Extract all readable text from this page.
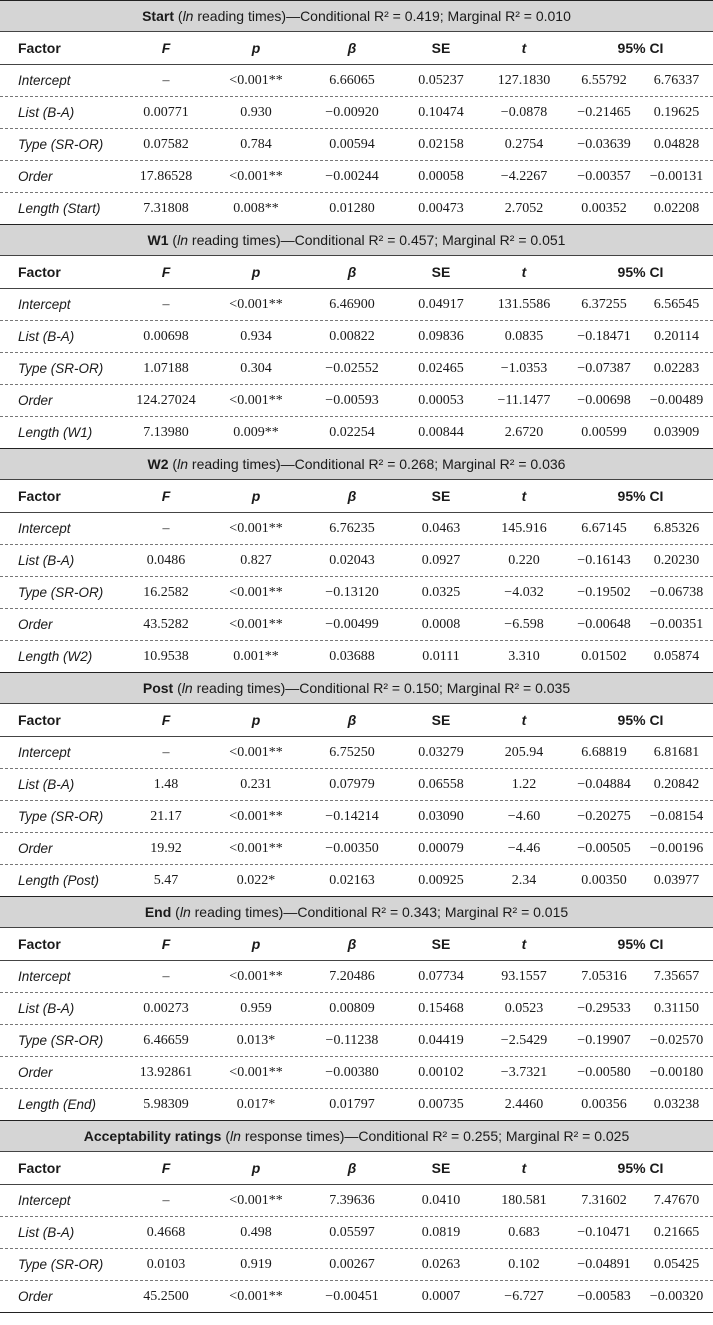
Start (ln reading times)—Conditional R² = 0.419; Marginal R² = 0.010
Factor	F	p	β	SE	t	95% CI
Intercept	–	<0.001**	6.66065	0.05237	127.1830	6.55792	6.76337
List (B-A)	0.00771	0.930	−0.00920	0.10474	−0.0878	−0.21465	0.19625
Type (SR-OR)	0.07582	0.784	0.00594	0.02158	0.2754	−0.03639	0.04828
Order	17.86528	<0.001**	−0.00244	0.00058	−4.2267	−0.00357	−0.00131
Length (Start)	7.31808	0.008**	0.01280	0.00473	2.7052	0.00352	0.02208
W1 (ln reading times)—Conditional R² = 0.457; Marginal R² = 0.051
Factor	F	p	β	SE	t	95% CI
Intercept	–	<0.001**	6.46900	0.04917	131.5586	6.37255	6.56545
List (B-A)	0.00698	0.934	0.00822	0.09836	0.0835	−0.18471	0.20114
Type (SR-OR)	1.07188	0.304	−0.02552	0.02465	−1.0353	−0.07387	0.02283
Order	124.27024	<0.001**	−0.00593	0.00053	−11.1477	−0.00698	−0.00489
Length (W1)	7.13980	0.009**	0.02254	0.00844	2.6720	0.00599	0.03909
W2 (ln reading times)—Conditional R² = 0.268; Marginal R² = 0.036
Factor	F	p	β	SE	t	95% CI
Intercept	–	<0.001**	6.76235	0.0463	145.916	6.67145	6.85326
List (B-A)	0.0486	0.827	0.02043	0.0927	0.220	−0.16143	0.20230
Type (SR-OR)	16.2582	<0.001**	−0.13120	0.0325	−4.032	−0.19502	−0.06738
Order	43.5282	<0.001**	−0.00499	0.0008	−6.598	−0.00648	−0.00351
Length (W2)	10.9538	0.001**	0.03688	0.0111	3.310	0.01502	0.05874
Post (ln reading times)—Conditional R² = 0.150; Marginal R² = 0.035
Factor	F	p	β	SE	t	95% CI
Intercept	–	<0.001**	6.75250	0.03279	205.94	6.68819	6.81681
List (B-A)	1.48	0.231	0.07979	0.06558	1.22	−0.04884	0.20842
Type (SR-OR)	21.17	<0.001**	−0.14214	0.03090	−4.60	−0.20275	−0.08154
Order	19.92	<0.001**	−0.00350	0.00079	−4.46	−0.00505	−0.00196
Length (Post)	5.47	0.022*	0.02163	0.00925	2.34	0.00350	0.03977
End (ln reading times)—Conditional R² = 0.343; Marginal R² = 0.015
Factor	F	p	β	SE	t	95% CI
Intercept	–	<0.001**	7.20486	0.07734	93.1557	7.05316	7.35657
List (B-A)	0.00273	0.959	0.00809	0.15468	0.0523	−0.29533	0.31150
Type (SR-OR)	6.46659	0.013*	−0.11238	0.04419	−2.5429	−0.19907	−0.02570
Order	13.92861	<0.001**	−0.00380	0.00102	−3.7321	−0.00580	−0.00180
Length (End)	5.98309	0.017*	0.01797	0.00735	2.4460	0.00356	0.03238
Acceptability ratings (ln response times)—Conditional R² = 0.255; Marginal R² = 0.025
Factor	F	p	β	SE	t	95% CI
Intercept	–	<0.001**	7.39636	0.0410	180.581	7.31602	7.47670
List (B-A)	0.4668	0.498	0.05597	0.0819	0.683	−0.10471	0.21665
Type (SR-OR)	0.0103	0.919	0.00267	0.0263	0.102	−0.04891	0.05425
Order	45.2500	<0.001**	−0.00451	0.0007	−6.727	−0.00583	−0.00320
